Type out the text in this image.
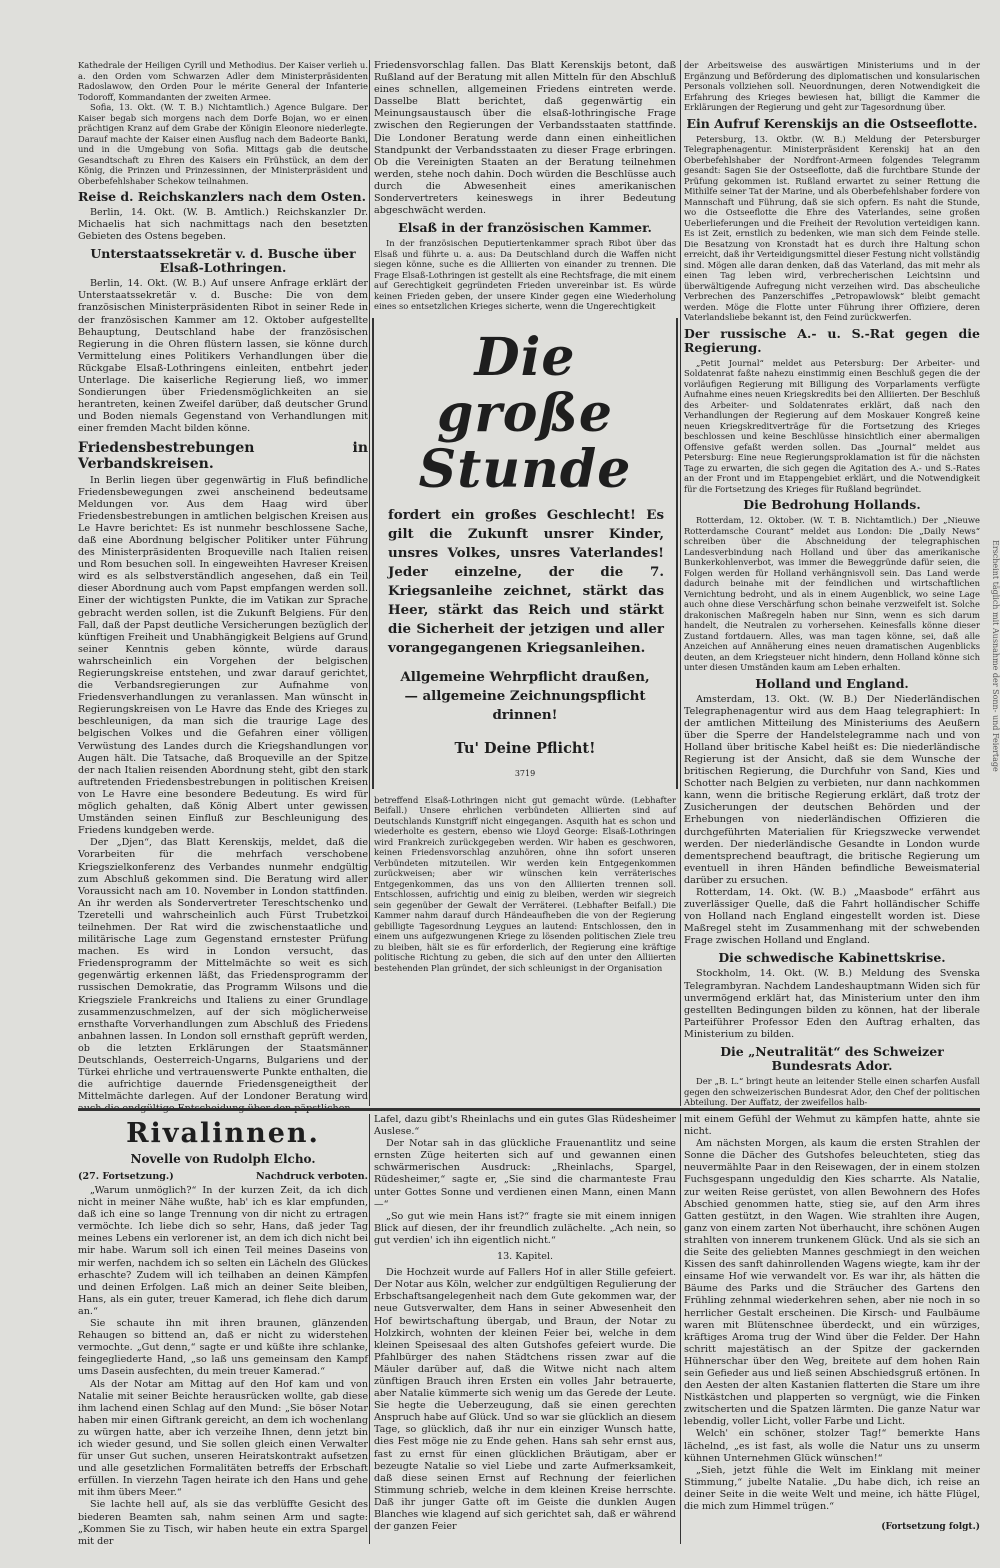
Kathedrale der Heiligen Cyrill und Methodius. Der Kaiser verlieh u. a. den Orden vom Schwarzen Adler dem Ministerpräsidenten Radoslawow, den Orden Pour le mérite General der Infanterie Todoroff, Kommandanten der zweiten Armee.

Sofia, 13. Okt. (W. T. B.) Nichtamtlich.) Agence Bulgare. Der Kaiser begab sich morgens nach dem Dorfe Bojan, wo er einen prächtigen Kranz auf dem Grabe der Königin Eleonore niederlegte. Darauf machte der Kaiser einen Ausflug nach dem Badeorte Banki, und in die Umgebung von Sofia. Mittags gab die deutsche Gesandtschaft zu Ehren des Kaisers ein Frühstück, an dem der König, die Prinzen und Prinzessinnen, der Ministerpräsident und Oberbefehlshaber Schekow teilnahmen.

Reise d. Reichskanzlers nach dem Osten.

Berlin, 14. Okt. (W. B. Amtlich.) Reichskanzler Dr. Michaelis hat sich nachmittags nach den besetzten Gebieten des Ostens begeben.

Unterstaatssekretär v. d. Busche über Elsaß-Lothringen.

Berlin, 14. Okt. (W. B.) Auf unsere Anfrage erklärt der Unterstaatssekretär v. d. Busche: Die von dem französischen Ministerpräsidenten Ribot in seiner Rede in der französischen Kammer am 12. Oktober aufgestellte Behauptung, Deutschland habe der französischen Regierung in die Ohren flüstern lassen, sie könne durch Vermittelung eines Politikers Verhandlungen über die Rückgabe Elsaß-Lothringens einleiten, entbehrt jeder Unterlage. Die kaiserliche Regierung ließ, wo immer Sondierungen über Friedensmöglichkeiten an sie herantreten, keinen Zweifel darüber, daß deutscher Grund und Boden niemals Gegenstand von Verhandlungen mit einer fremden Macht bilden könne.

Friedensbestrebungen in Verbandskreisen.

In Berlin liegen über gegenwärtig in Fluß befindliche Friedensbewegungen zwei anscheinend bedeutsame Meldungen vor. Aus dem Haag wird über Friedensbestrebungen in amtlichen belgischen Kreisen aus Le Havre berichtet: Es ist nunmehr beschlossene Sache, daß eine Abordnung belgischer Politiker unter Führung des Ministerpräsidenten Broqueville nach Italien reisen und Rom besuchen soll. In eingeweihten Havreser Kreisen wird es als selbstverständlich angesehen, daß ein Teil dieser Abordnung auch vom Papst empfangen werden soll. Einer der wichtigsten Punkte, die im Vatikan zur Sprache gebracht werden sollen, ist die Zukunft Belgiens. Für den Fall, daß der Papst deutliche Versicherungen bezüglich der künftigen Freiheit und Unabhängigkeit Belgiens auf Grund seiner Kenntnis geben könnte, würde daraus wahrscheinlich ein Vorgehen der belgischen Regierungskreise entstehen, und zwar darauf gerichtet, die Verbandsregierungen zur Aufnahme von Friedensverhandlungen zu veranlassen. Man wünscht in Regierungskreisen von Le Havre das Ende des Krieges zu beschleunigen, da man sich die traurige Lage des belgischen Volkes und die Gefahren einer völligen Verwüstung des Landes durch die Kriegshandlungen vor Augen hält. Die Tatsache, daß Broqueville an der Spitze der nach Italien reisenden Abordnung steht, gibt den stark auftretenden Friedensbestrebungen in politischen Kreisen von Le Havre eine besondere Bedeutung. Es wird für möglich gehalten, daß König Albert unter gewissen Umständen seinen Einfluß zur Beschleunigung des Friedens kundgeben werde.

Der „Djen“, das Blatt Kerenskijs, meldet, daß die Vorarbeiten für die mehrfach verschobene Kriegszielkonferenz des Verbandes nunmehr endgültig zum Abschluß gekommen sind. Die Beratung wird aller Voraussicht nach am 10. November in London stattfinden. An ihr werden als Sondervertreter Tereschtschenko und Tzeretelli und wahrscheinlich auch Fürst Trubetzkoi teilnehmen. Der Rat wird die zwischenstaatliche und militärische Lage zum Gegenstand ernstester Prüfung machen. Es wird in London versucht, das Friedensprogramm der Mittelmächte so weit es sich gegenwärtig erkennen läßt, das Friedensprogramm der russischen Demokratie, das Programm Wilsons und die Kriegsziele Frankreichs und Italiens zu einer Grundlage zusammenzuschmelzen, auf der sich möglicherweise ernsthafte Vorverhandlungen zum Abschluß des Friedens anbahnen lassen. In London soll ernsthaft geprüft werden, ob die letzten Erklärungen der Staatsmänner Deutschlands, Oesterreich-Ungarns, Bulgariens und der Türkei ehrliche und vertrauenswerte Punkte enthalten, die die aufrichtige dauernde Friedensgeneigtheit der Mittelmächte darlegen. Auf der Londoner Beratung wird

Friedensvorschlag fallen. Das Blatt Kerenskijs betont, daß Rußland auf der Beratung mit allen Mitteln für den Abschluß eines schnellen, allgemeinen Friedens eintreten werde. Dasselbe Blatt berichtet, daß gegenwärtig ein Meinungsaustausch über die elsaß-lothringische Frage zwischen den Regierungen der Verbandsstaaten stattfinde. Die Londoner Beratung werde dann einen einheitlichen Standpunkt der Verbandsstaaten zu dieser Frage erbringen. Ob die Vereinigten Staaten an der Beratung teilnehmen werden, stehe noch dahin. Doch würden die Beschlüsse auch durch die Abwesenheit eines amerikanischen Sondervertreters keineswegs in ihrer Bedeutung abgeschwächt werden.

Elsaß in der französischen Kammer.

In der französischen Deputiertenkammer sprach Ribot über das Elsaß und führte u. a. aus: Da Deutschland durch die Waffen nicht siegen könne, suche es die Alliierten von einander zu trennen. Die Frage Elsaß-Lothringen ist gestellt als eine Rechtsfrage, die mit einem auf Gerechtigkeit gegründeten Frieden unvereinbar ist. Es würde keinen Frieden geben, der unsere Kinder gegen eine Wiederholung eines so entsetzlichen Krieges sicherte, wenn die Ungerechtigkeit

Die
große
Stunde
fordert ein großes Geschlecht! Es gilt die Zukunft unsrer Kinder, unsres Volkes, unsres Vaterlandes! Jeder einzelne, der die 7. Kriegsanleihe zeichnet, stärkt das Heer, stärkt das Reich und stärkt die Sicherheit der jetzigen und aller vorangegangenen Kriegsanleihen.
Allgemeine Wehrpflicht draußen, — allgemeine Zeichnungspflicht drinnen!
Tu' Deine Pflicht!
3719

betreffend Elsaß-Lothringen nicht gut gemacht würde. (Lebhafter Beifall.) Unsere ehrlichen verbündeten Alliierten sind auf Deutschlands Kunstgriff nicht eingegangen. Asquith hat es schon und wiederholte es gestern, ebenso wie Lloyd George: Elsaß-Lothringen wird Frankreich zurückgegeben werden. Wir haben es geschworen, keinen Friedensvorschlag anzuhören, ohne ihn sofort unseren Verbündeten mitzuteilen. Wir werden kein Entgegenkommen zurückweisen; aber wir wünschen kein verräterisches Entgegenkommen, das uns von den Alliierten trennen soll. Entschlossen, aufrichtig und einig zu bleiben, werden wir siegreich sein gegenüber der Gewalt der Verräterei. (Lebhafter Beifall.) Die Kammer nahm darauf durch Händeaufheben die von der Regierung gebilligte Tagesordnung Leygues an lautend: Entschlossen, den in einem uns aufgezwungenen Kriege zu lösenden politischen Ziele treu zu bleiben, hält sie es für erforderlich, der Regierung eine kräftige politische Richtung zu geben, die sich auf den unter den Alliierten bestehenden Plan gründet, der sich schleunigst in der Organisation

der Arbeitsweise des auswärtigen Ministeriums und in der Ergänzung und Beförderung des diplomatischen und konsularischen Personals vollziehen soll. Neuordnungen, deren Notwendigkeit die Erfahrung des Krieges bewiesen hat, billigt die Kammer die Erklärungen der Regierung und geht zur Tagesordnung über.

Ein Aufruf Kerenskijs an die Ostseeflotte.

Petersburg, 13. Oktbr. (W. B.) Meldung der Petersburger Telegraphenagentur. Ministerpräsident Kerenskij hat an den Oberbefehlshaber der Nordfront-Armeen folgendes Telegramm gesandt: Sagen Sie der Ostseeflotte, daß die furchtbare Stunde der Prüfung gekommen ist. Rußland erwartet zu seiner Rettung die Mithilfe seiner Tat der Marine, und als Oberbefehlshaber fordere von Mannschaft und Führung, daß sie sich opfern. Es naht die Stunde, wo die Ostseeflotte die Ehre des Vaterlandes, seine großen Ueberlieferungen und die Freiheit der Revolution verteidigen kann. Es ist Zeit, ernstlich zu bedenken, wie man sich dem Feinde stelle. Die Besatzung von Kronstadt hat es durch ihre Haltung schon erreicht, daß ihr Verteidigungsmittel dieser Festung nicht vollständig sind. Mögen alle daran denken, daß das Vaterland, das mit mehr als einen Tag leben wird, verbrecherischen Leichtsinn und überwältigende Aufregung nicht verzeihen wird. Das abscheuliche Verbrechen des Panzerschiffes „Petropawlowsk“ bleibt gemacht werden. Möge die Flotte unter Führung ihrer Offiziere, deren Vaterlandsliebe bekannt ist, den Feind zurückwerfen.

Der russische A.- u. S.-Rat gegen die Regierung.

„Petit Journal“ meldet aus Petersburg: Der Arbeiter- und Soldatenrat faßte nahezu einstimmig einen Beschluß gegen die der vorläufigen Regierung mit Billigung des Vorparlaments verfügte Aufnahme eines neuen Kriegskredits bei den Alliierten. Der Beschluß des Arbeiter- und Soldatenrates erklärt, daß nach den Verhandlungen der Regierung auf dem Moskauer Kongreß keine neuen Kriegskreditverträge für die Fortsetzung des Krieges beschlossen und keine Beschlüsse hinsichtlich einer abermaligen Offensive gefaßt werden sollen. Das „Journal“ meldet aus Petersburg: Eine neue Regierungsproklamation ist für die nächsten Tage zu erwarten, die sich gegen die Agitation des A.- und S.-Rates an der Front und im Etappengebiet erklärt, und die Notwendigkeit für die Fortsetzung des Krieges für Rußland begründet.

Die Bedrohung Hollands.

Rotterdam, 12. Oktober. (W. T. B. Nichtamtlich.) Der „Nieuwe Rotterdamsche Courant“ meldet aus London: Die „Daily News“ schreiben über die Abschneidung der telegraphischen Landesverbindung nach Holland und über das amerikanische Bunkerkohlenverbot, was immer die Beweggründe dafür seien, die Folgen werden für Holland verhängnisvoll sein. Das Land werde dadurch beinahe mit der feindlichen und wirtschaftlichen Vernichtung bedroht, und als in einem Augenblick, wo seine Lage auch ohne diese Verschärfung schon beinahe verzweifelt ist. Solche drakonischen Maßregeln haben nur Sinn, wenn es sich darum handelt, die Neutralen zu vorhersehen. Keinesfalls könne dieser Zustand fortdauern. Alles, was man tagen könne, sei, daß alle Anzeichen auf Annäherung eines neuen dramatischen Augenblicks deuten, an dem Kriegsteuer nicht hindern, denn Holland könne sich unter diesen Umständen kaum am Leben erhalten.

Holland und England.

Amsterdam, 13. Okt. (W. B.) Der Niederländischen Telegraphenagentur wird aus dem Haag telegraphiert: In der amtlichen Mitteilung des Ministeriums des Aeußern über die Sperre der Handelstelegramme nach und von Holland über britische Kabel heißt es: Die niederländische Regierung ist der Ansicht, daß sie dem Wunsche der britischen Regierung, die Durchfuhr von Sand, Kies und Schotter nach Belgien zu verbieten, nur dann nachkommen kann, wenn die britische Regierung erklärt, daß trotz der Zusicherungen der deutschen Behörden und der Erhebungen von niederländischen Offizieren die durchgeführten Materialien für Kriegszwecke verwendet werden. Der niederländische Gesandte in London wurde dementsprechend beauftragt, die britische Regierung um eventuell in ihren Händen befindliche Beweismaterial darüber zu ersuchen.

Rotterdam, 14. Okt. (W. B.) „Maasbode“ erfährt aus zuverlässiger Quelle, daß die Fahrt holländischer Schiffe von Holland nach England eingestellt worden ist. Diese Maßregel steht im Zusammenhang mit der schwebenden Frage zwischen Holland und England.

Die schwedische Kabinettskrise.

Stockholm, 14. Okt. (W. B.) Meldung des Svenska Telegrambyran. Nachdem Landeshauptmann Widen sich für unvermögend erklärt hat, das Ministerium unter den ihm gestellten Bedingungen bilden zu können, hat der liberale Parteiführer Professor Eden den Auftrag erhalten, das Ministerium zu bilden.

Die „Neutralität“ des Schweizer Bundesrats Ador.

Der „B. L.“ bringt heute an leitender Stelle einen scharfen Ausfall gegen den schweizerischen Bundesrat Ador, den Chef der politischen Abteilung. Der Auffatz, der zweifellos halb-

Rivalinnen.
Novelle von Rudolph Elcho.
(27. Fortsetzung.)	Nachdruck verboten.

„Warum unmöglich?“ In der kurzen Zeit, da ich dich nicht in meiner Nähe wußte, hab' ich es klar empfunden, daß ich eine so lange Trennung von dir nicht zu ertragen vermöchte. Ich liebe dich so sehr, Hans, daß jeder Tag meines Lebens ein verlorener ist, an dem ich dich nicht bei mir habe. Warum soll ich einen Teil meines Daseins von mir werfen, nachdem ich so selten ein Lächeln des Glückes erhaschte? Zudem will ich teilhaben an deinen Kämpfen und deinen Erfolgen. Laß mich an deiner Seite bleiben, Hans, als ein guter, treuer Kamerad, ich flehe dich darum an.“

Sie schaute ihn mit ihren braunen, glänzenden Rehaugen so bittend an, daß er nicht zu widerstehen vermochte. „Gut denn,“ sagte er und küßte ihre schlanke, feingegliederte Hand, „so laß uns gemeinsam den Kampf ums Dasein ausfechten, du mein treuer Kamerad.“

Als der Notar am Mittag auf den Hof kam und von Natalie mit seiner Beichte herausrücken wollte, gab diese ihm lachend einen Schlag auf den Mund: „Sie böser Notar haben mir einen Giftrank gereicht, an dem ich wochenlang zu würgen hatte, aber ich verzeihe Ihnen, denn jetzt bin ich wieder gesund, und Sie sollen gleich einen Verwalter für unser Gut suchen, unseren Heiratskontrakt aufsetzen und alle gesetzlichen Formalitäten betreffs der Erbschaft erfüllen. In vierzehn Tagen heirate ich den Hans und gehe mit ihm übers Meer.“

Sie lachte hell auf, als sie das verblüffte Gesicht des biederen Beamten sah, nahm seinen Arm und sagte: „Kommen Sie zu Tisch, wir haben heute ein extra Spargel mit der

Lafel, dazu gibt's Rheinlachs und ein gutes Glas Rüdesheimer Auslese.“

Der Notar sah in das glückliche Frauenantlitz und seine ernsten Züge heiterten sich auf und gewannen einen schwärmerischen Ausdruck: „Rheinlachs, Spargel, Rüdesheimer,“ sagte er, „Sie sind die charmanteste Frau unter Gottes Sonne und verdienen einen Mann, einen Mann —“

„So gut wie mein Hans ist?“ fragte sie mit einem innigen Blick auf diesen, der ihr freundlich zulächelte. „Ach nein, so gut verdien' ich ihn eigentlich nicht.“

13. Kapitel.

Die Hochzeit wurde auf Fallers Hof in aller Stille gefeiert. Der Notar aus Köln, welcher zur endgültigen Regulierung der Erbschaftsangelegenheit nach dem Gute gekommen war, der neue Gutsverwalter, dem Hans in seiner Abwesenheit den Hof bewirtschaftung übergab, und Braun, der Notar zu Holzkirch, wohnten der kleinen Feier bei, welche in dem kleinen Speisesaal des alten Gutshofes gefeiert wurde. Die Pfahlbürger des nahen Städtchens rissen zwar auf die Mäuler darüber auf, daß die Witwe nicht nach altem zünftigen Brauch ihren Ersten ein volles Jahr betrauerte, aber Natalie kümmerte sich wenig um das Gerede der Leute. Sie hegte die Ueberzeugung, daß sie einen gerechten Anspruch habe auf Glück. Und so war sie glücklich an diesem Tage, so glücklich, daß ihr nur ein einziger Wunsch hatte, dies Fest möge nie zu Ende gehen. Hans sah sehr ernst aus, fast zu ernst für einen glücklichen Bräutigam, aber er bezeugte Natalie so viel Liebe und zarte Aufmerksamkeit, daß diese seinen Ernst auf Rechnung der feierlichen Stimmung schrieb, welche in dem kleinen Kreise herrschte. Daß ihr junger Gatte oft im Geiste die dunklen Augen Blanches wie klagend auf sich gerichtet sah, daß er während der ganzen Feier

mit einem Gefühl der Wehmut zu kämpfen hatte, ahnte sie nicht.

Am nächsten Morgen, als kaum die ersten Strahlen der Sonne die Dächer des Gutshofes beleuchteten, stieg das neuvermählte Paar in den Reisewagen, der in einem stolzen Fuchsgespann ungeduldig den Kies scharrte. Als Natalie, zur weiten Reise gerüstet, von allen Bewohnern des Hofes Abschied genommen hatte, stieg sie, auf den Arm ihres Gatten gestützt, in den Wagen. Wie strahlten ihre Augen, ganz von einem zarten Not überhaucht, ihre schönen Augen strahlten von innerem trunkenem Glück. Und als sie sich an die Seite des geliebten Mannes geschmiegt in den weichen Kissen des sanft dahinrollenden Wagens wiegte, kam ihr der einsame Hof wie verwandelt vor. Es war ihr, als hätten die Bäume des Parks und die Sträucher des Gartens den Frühling zehnmal wiederkehren sehen, aber nie noch in so herrlicher Gestalt erscheinen. Die Kirsch- und Faulbäume waren mit Blütenschnee überdeckt, und ein würziges, kräftiges Aroma trug der Wind über die Felder. Der Hahn schritt majestätisch an der Spitze der gackernden Hühnerschar über den Weg, breitete auf dem hohen Rain sein Gefieder aus und ließ seinen Abschiedsgruß ertönen. In den Aesten der alten Kastanien flatterten die Stare um ihre Nistkästchen und plapperten so vergnügt, wie die Finken zwitscherten und die Spatzen lärmten. Die ganze Natur war lebendig, voller Licht, voller Farbe und Licht.

Welch' ein schöner, stolzer Tag!“ bemerkte Hans lächelnd, „es ist fast, als wolle die Natur uns zu unserm kühnen Unternehmen Glück wünschen!“

„Sieh, jetzt fühle die Welt im Einklang mit meiner Stimmung,“ jubelte Natalie. „Du habe dich, ich reise an deiner Seite in die weite Welt und meine, ich hätte Flügel, die mich zum Himmel trügen.“

(Fortsetzung folgt.)
Erscheint täglich mit Ausnahme der Sonn- und Feiertage
